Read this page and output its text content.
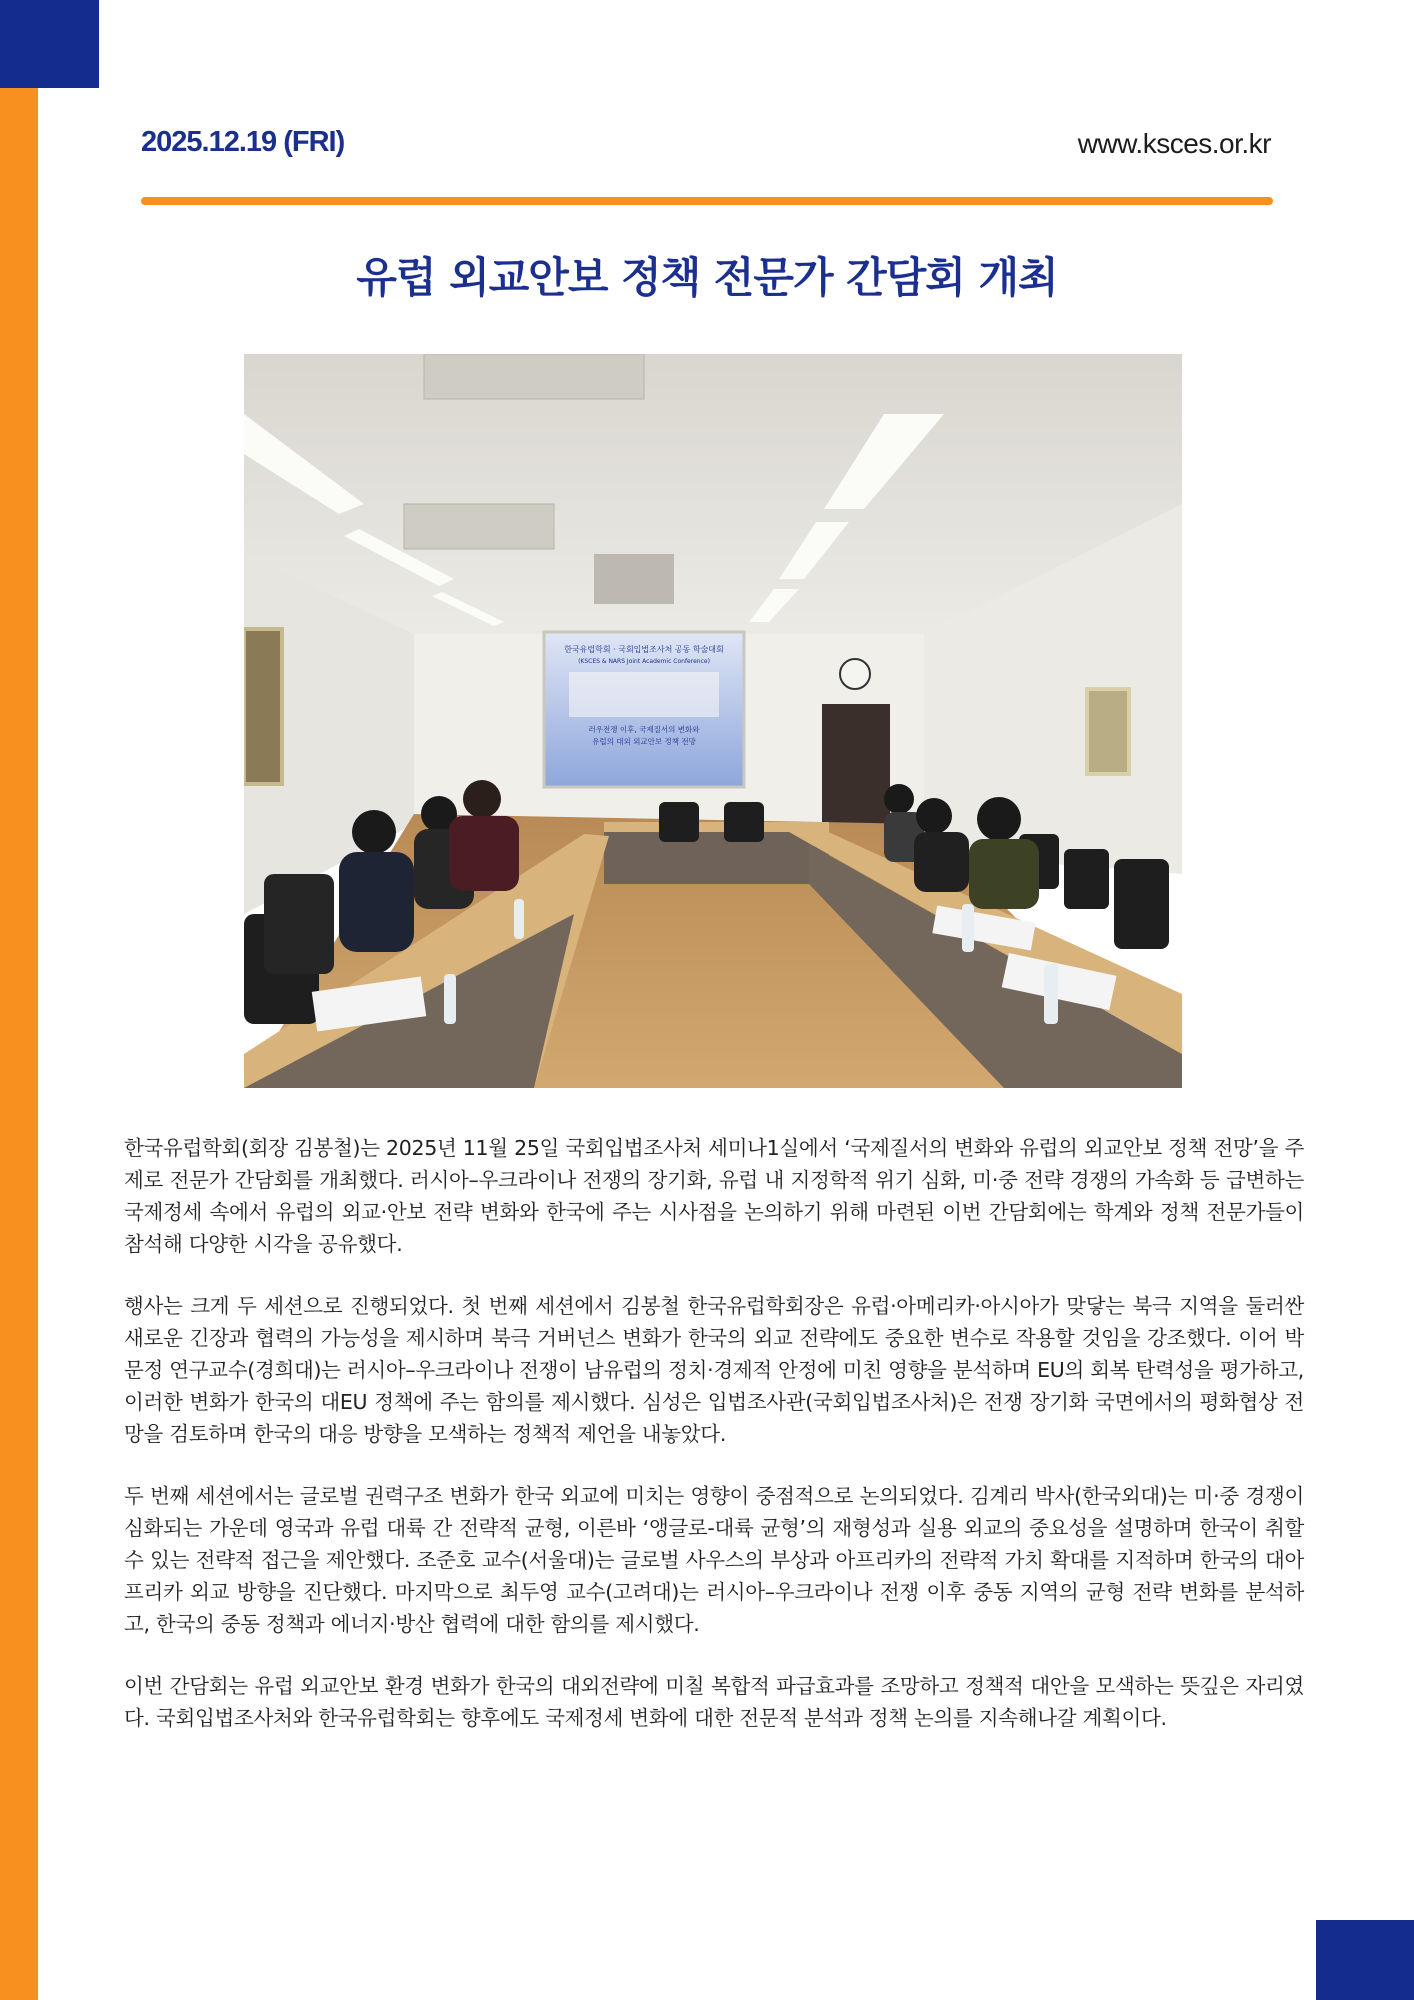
2025.12.19 (FRI)	www.ksces.or.kr
유럽 외교안보 정책 전문가 간담회 개최
한국유럽학회 · 국회입법조사처 공동 학술대회
(KSCES & NARS Joint Academic Conference)
러우전쟁 이후, 국제질서의 변화와
유럽의 대외 외교안보 정책 전망

한국유럽학회(회장 김봉철)는 2025년 11월 25일 국회입법조사처 세미나1실에서 ‘국제질서의 변화와 유럽의 외교안보 정책 전망’을 주제로 전문가 간담회를 개최했다. 러시아–우크라이나 전쟁의 장기화, 유럽 내 지정학적 위기 심화, 미·중 전략 경쟁의 가속화 등 급변하는 국제정세 속에서 유럽의 외교·안보 전략 변화와 한국에 주는 시사점을 논의하기 위해 마련된 이번 간담회에는 학계와 정책 전문가들이 참석해 다양한 시각을 공유했다.

행사는 크게 두 세션으로 진행되었다. 첫 번째 세션에서 김봉철 한국유럽학회장은 유럽·아메리카·아시아가 맞닿는 북극 지역을 둘러싼 새로운 긴장과 협력의 가능성을 제시하며 북극 거버넌스 변화가 한국의 외교 전략에도 중요한 변수로 작용할 것임을 강조했다. 이어 박문정 연구교수(경희대)는 러시아–우크라이나 전쟁이 남유럽의 정치·경제적 안정에 미친 영향을 분석하며 EU의 회복 탄력성을 평가하고, 이러한 변화가 한국의 대EU 정책에 주는 함의를 제시했다. 심성은 입법조사관(국회입법조사처)은 전쟁 장기화 국면에서의 평화협상 전망을 검토하며 한국의 대응 방향을 모색하는 정책적 제언을 내놓았다.

두 번째 세션에서는 글로벌 권력구조 변화가 한국 외교에 미치는 영향이 중점적으로 논의되었다. 김계리 박사(한국외대)는 미·중 경쟁이 심화되는 가운데 영국과 유럽 대륙 간 전략적 균형, 이른바 ‘앵글로-대륙 균형’의 재형성과 실용 외교의 중요성을 설명하며 한국이 취할 수 있는 전략적 접근을 제안했다. 조준호 교수(서울대)는 글로벌 사우스의 부상과 아프리카의 전략적 가치 확대를 지적하며 한국의 대아프리카 외교 방향을 진단했다. 마지막으로 최두영 교수(고려대)는 러시아–우크라이나 전쟁 이후 중동 지역의 균형 전략 변화를 분석하고, 한국의 중동 정책과 에너지·방산 협력에 대한 함의를 제시했다.

이번 간담회는 유럽 외교안보 환경 변화가 한국의 대외전략에 미칠 복합적 파급효과를 조망하고 정책적 대안을 모색하는 뜻깊은 자리였다. 국회입법조사처와 한국유럽학회는 향후에도 국제정세 변화에 대한 전문적 분석과 정책 논의를 지속해나갈 계획이다.
